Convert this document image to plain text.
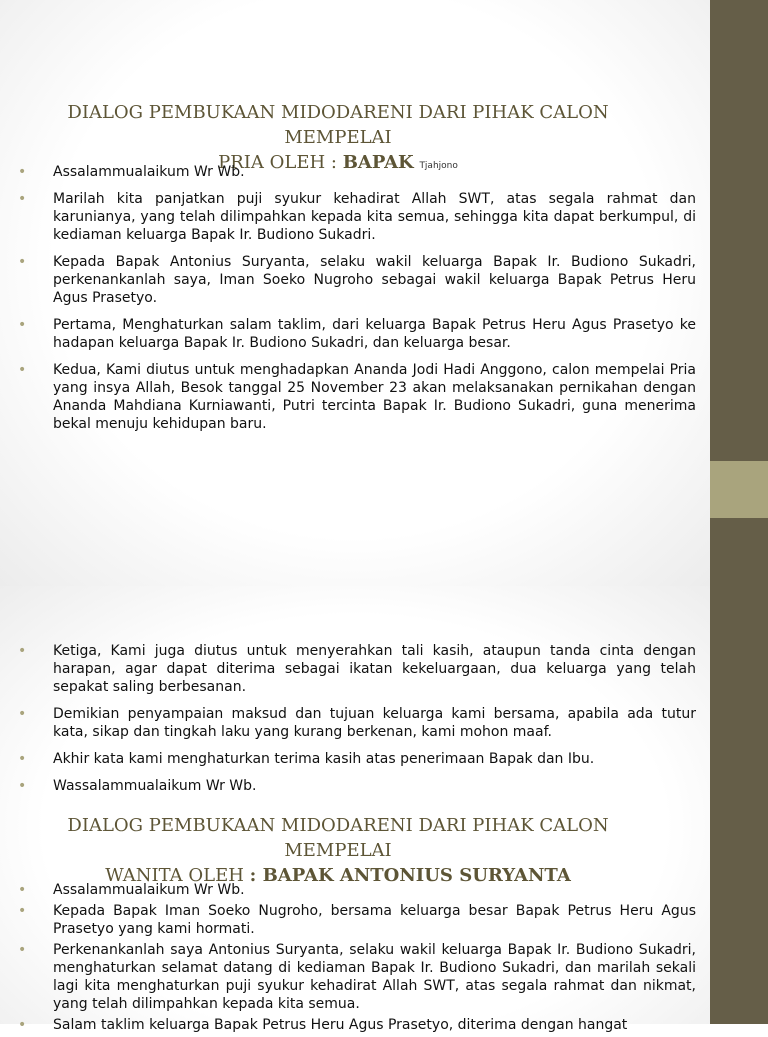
DIALOG PEMBUKAAN MIDODARENI DARI PIHAK CALON MEMPELAI
PRIA OLEH : BAPAK Tjahjono
• Assalammualaikum Wr Wb.
• Marilah kita panjatkan puji syukur kehadirat Allah SWT, atas segala rahmat dan karunianya, yang telah dilimpahkan kepada kita semua, sehingga kita dapat berkumpul, di kediaman keluarga Bapak Ir. Budiono Sukadri.
• Kepada Bapak Antonius Suryanta, selaku wakil keluarga Bapak Ir. Budiono Sukadri, perkenankanlah saya, Iman Soeko Nugroho sebagai wakil keluarga Bapak Petrus Heru Agus Prasetyo.
• Pertama, Menghaturkan salam taklim, dari keluarga Bapak Petrus Heru Agus Prasetyo ke hadapan keluarga Bapak Ir. Budiono Sukadri, dan keluarga besar.
• Kedua, Kami diutus untuk menghadapkan Ananda Jodi Hadi Anggono, calon mempelai Pria yang insya Allah, Besok tanggal 25 November 23 akan melaksanakan pernikahan dengan Ananda Mahdiana Kurniawanti, Putri tercinta Bapak Ir. Budiono Sukadri, guna menerima bekal menuju kehidupan baru.
• Ketiga, Kami juga diutus untuk menyerahkan tali kasih, ataupun tanda cinta dengan harapan, agar dapat diterima sebagai ikatan kekeluargaan, dua keluarga yang telah sepakat saling berbesanan.
• Demikian penyampaian maksud dan tujuan keluarga kami bersama, apabila ada tutur kata, sikap dan tingkah laku yang kurang berkenan, kami mohon maaf.
• Akhir kata kami menghaturkan terima kasih atas penerimaan Bapak dan Ibu.
• Wassalammualaikum Wr Wb.
DIALOG PEMBUKAAN MIDODARENI DARI PIHAK CALON MEMPELAI
WANITA OLEH : BAPAK ANTONIUS SURYANTA
• Assalammualaikum Wr Wb.
• Kepada Bapak Iman Soeko Nugroho, bersama keluarga besar Bapak Petrus Heru Agus Prasetyo yang kami hormati.
• Perkenankanlah saya Antonius Suryanta, selaku wakil keluarga Bapak Ir. Budiono Sukadri, menghaturkan selamat datang di kediaman Bapak Ir. Budiono Sukadri, dan marilah sekali lagi kita menghaturkan puji syukur kehadirat Allah SWT, atas segala rahmat dan nikmat, yang telah dilimpahkan kepada kita semua.
• Salam taklim keluarga Bapak Petrus Heru Agus Prasetyo, diterima dengan hangat
